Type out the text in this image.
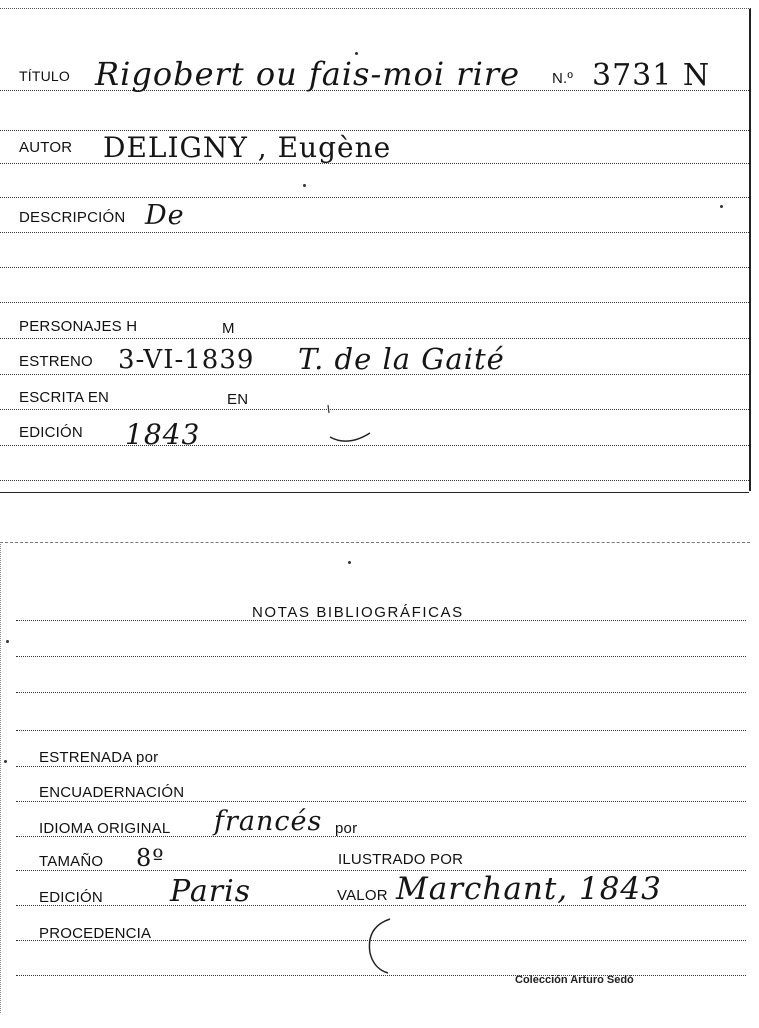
TÍTULO Rigobert ou fais-moi rire N.º 3731 N
AUTOR DELIGNY , Eugène
DESCRIPCIÓN De
PERSONAJES H	M
ESTRENO 3-VI-1839 T. de la Gaité
ESCRITA EN	EN
EDICIÓN 1843
NOTAS BIBLIOGRÁFICAS
ESTRENADA por
ENCUADERNACIÓN
IDIOMA ORIGINAL francés por
TAMAÑO 8º	ILUSTRADO POR
EDICIÓN Paris	VALOR Marchant, 1843
PROCEDENCIA
Colección Arturo Sedó
